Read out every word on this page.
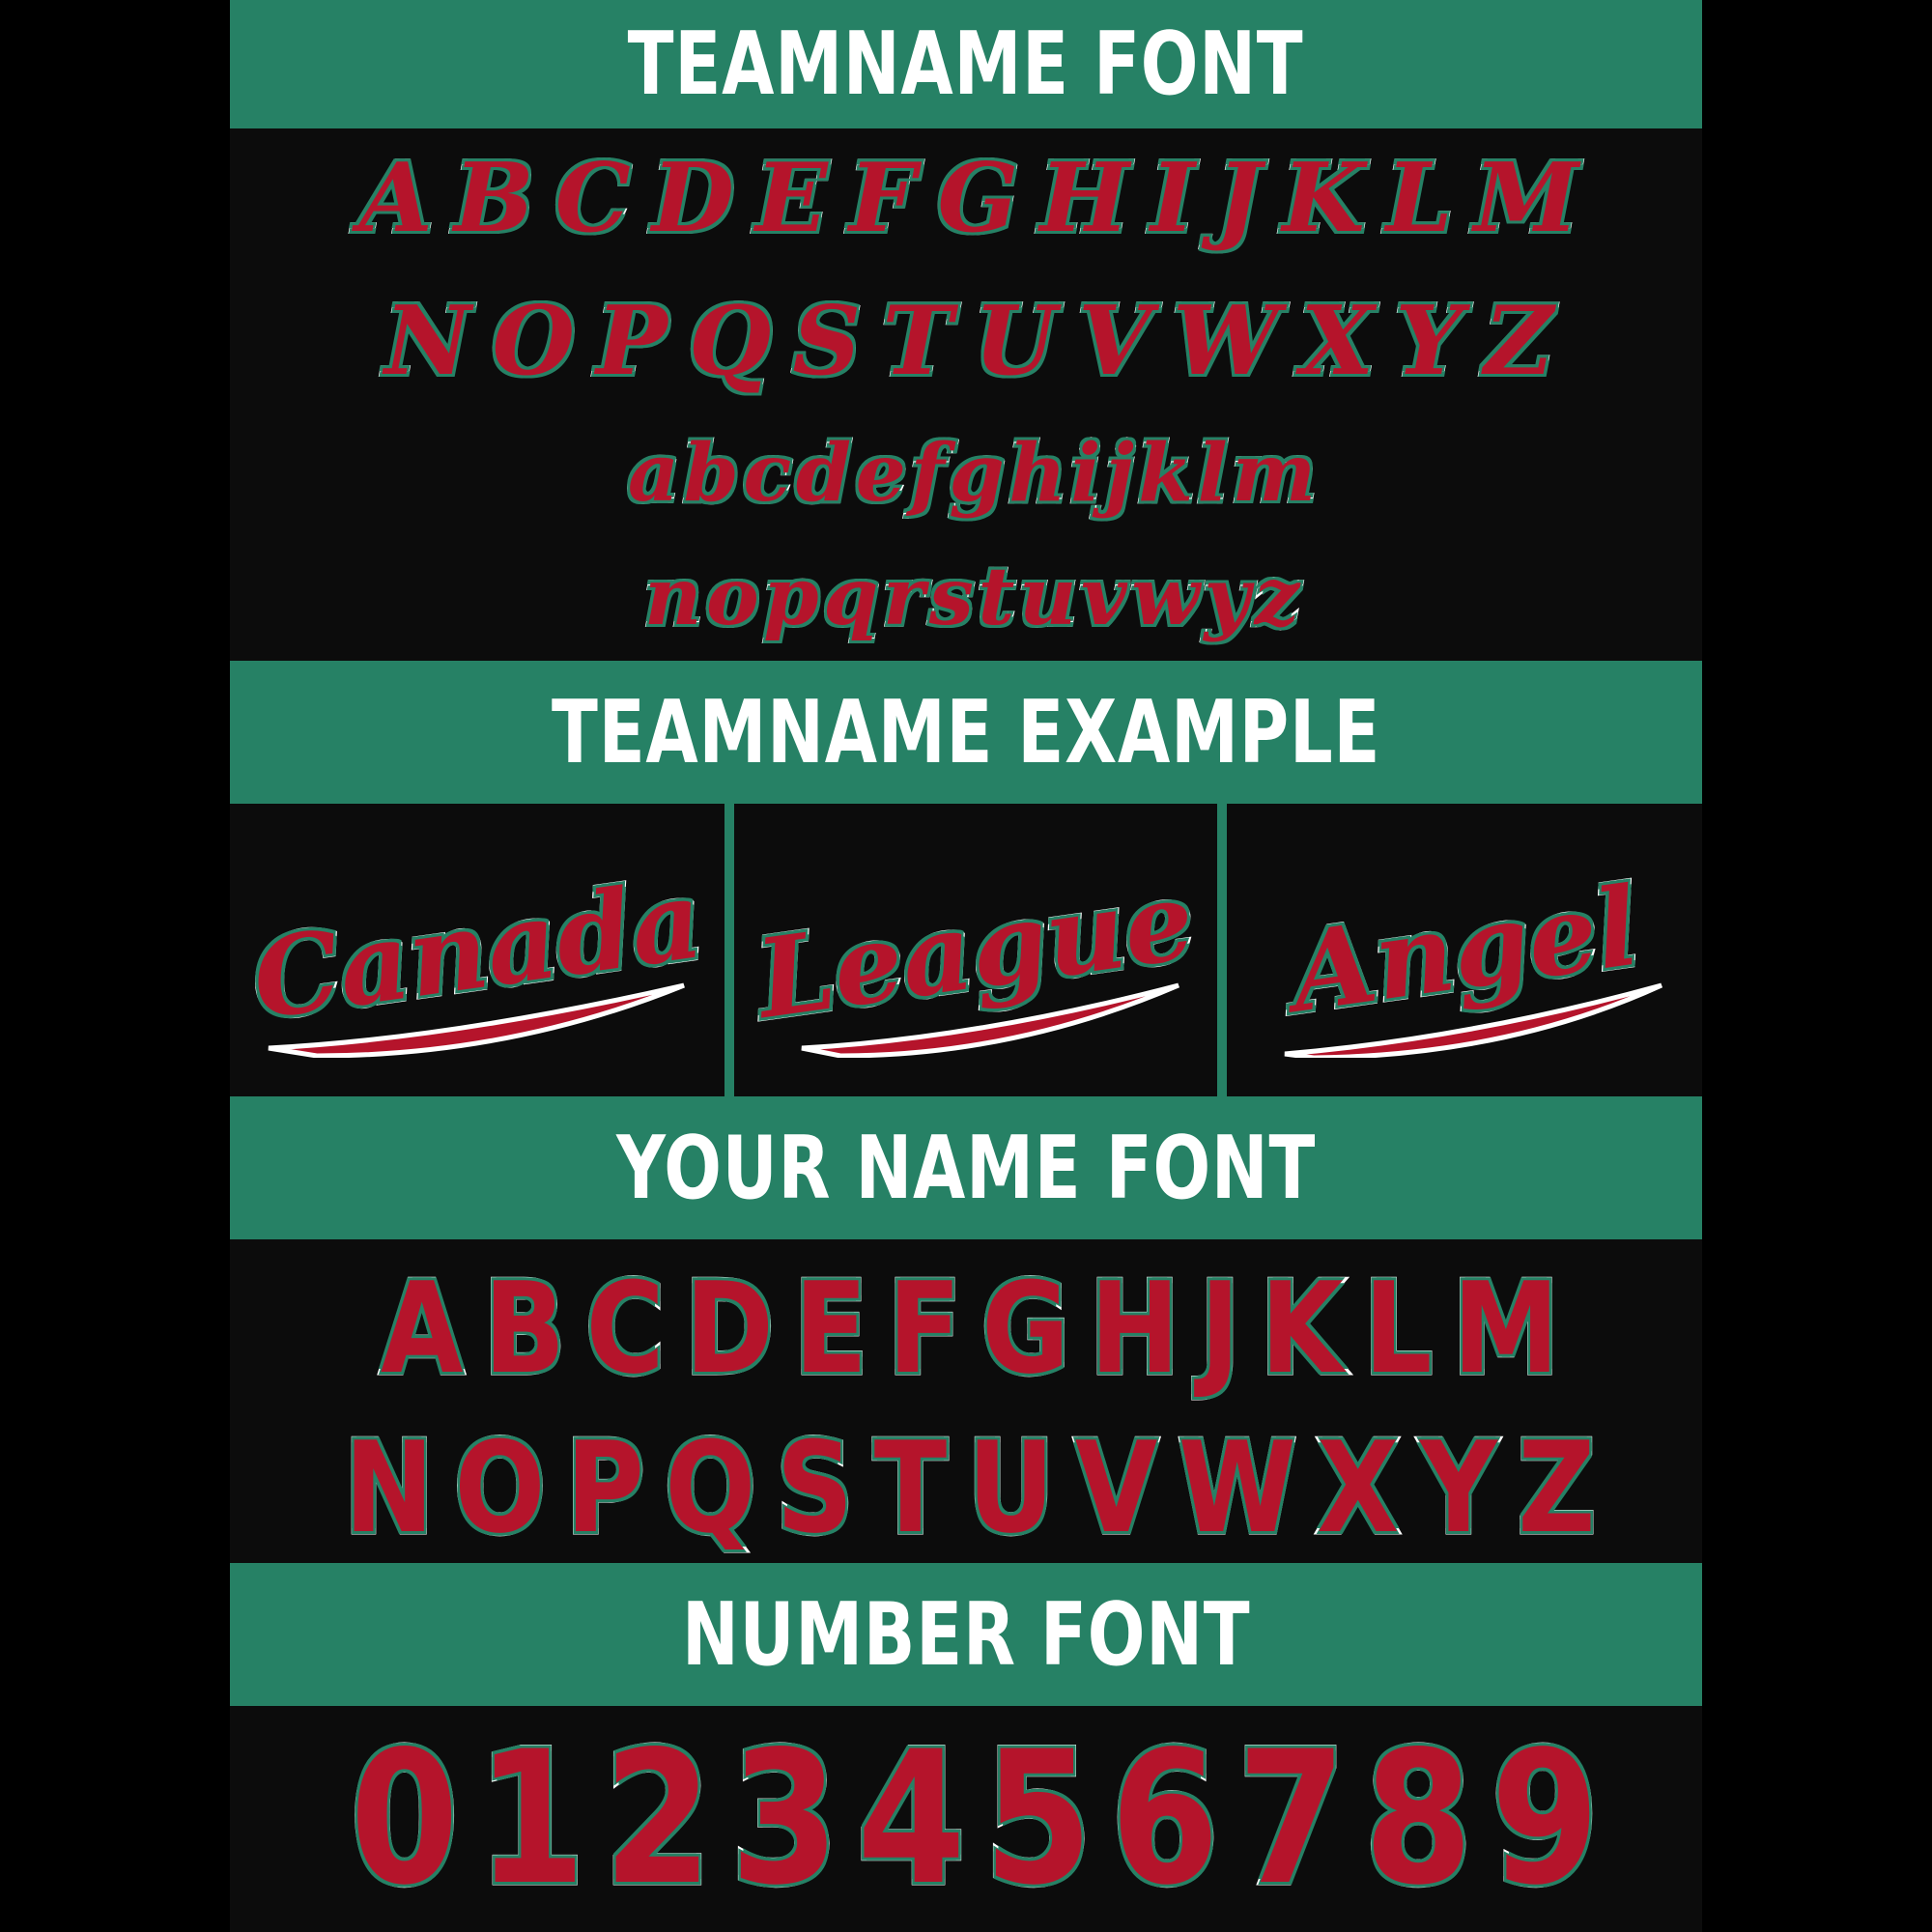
TEAMNAME FONT
A B C D E F G H I J K L M
N O P Q S T U V W X Y Z
a b c d e f g h i j k l m
n o p q r s t u v w y z
TEAMNAME EXAMPLE
Canada League Angel
YOUR NAME FONT
A B C D E F G H J K L M
N O P Q S T U V W X Y Z
NUMBER FONT
0 1 2 3 4 5 6 7 8 9
